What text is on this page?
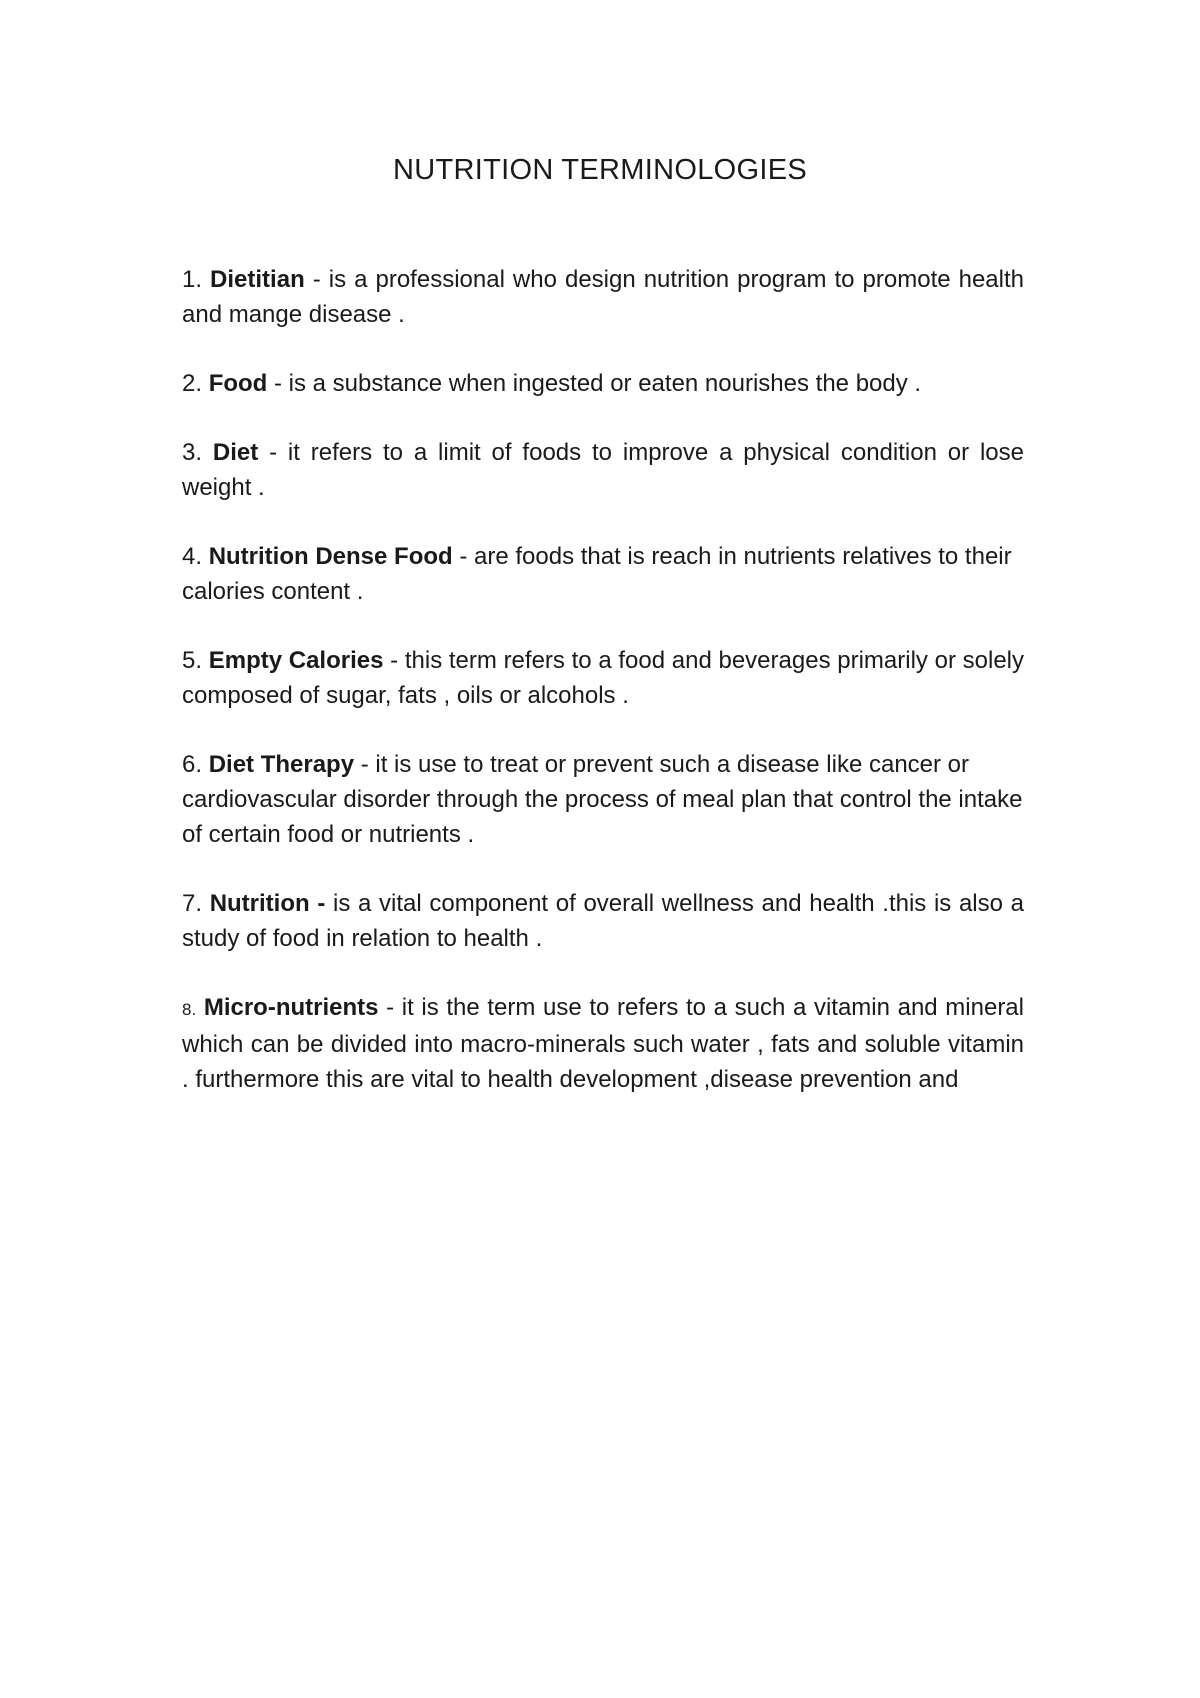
NUTRITION TERMINOLOGIES

1. Dietitian - is a professional who design nutrition program to promote health and mange disease .

2. Food - is a substance when ingested or eaten nourishes the body .

3. Diet - it refers to a limit of foods to improve a physical condition or lose weight .

4. Nutrition Dense Food - are foods that is reach in nutrients relatives to their calories content .

5. Empty Calories - this term refers to a food and beverages primarily or solely composed of sugar, fats , oils or alcohols .

6. Diet Therapy - it is use to treat or prevent such a disease like cancer or cardiovascular disorder through the process of meal plan that control the intake of certain food or nutrients .

7. Nutrition - is a vital component of overall wellness and health .this is also a study of food in relation to health .

8. Micro-nutrients - it is the term use to refers to a such a vitamin and mineral which can be divided into macro-minerals such water , fats and soluble vitamin . furthermore this are vital to health development ,disease prevention and
